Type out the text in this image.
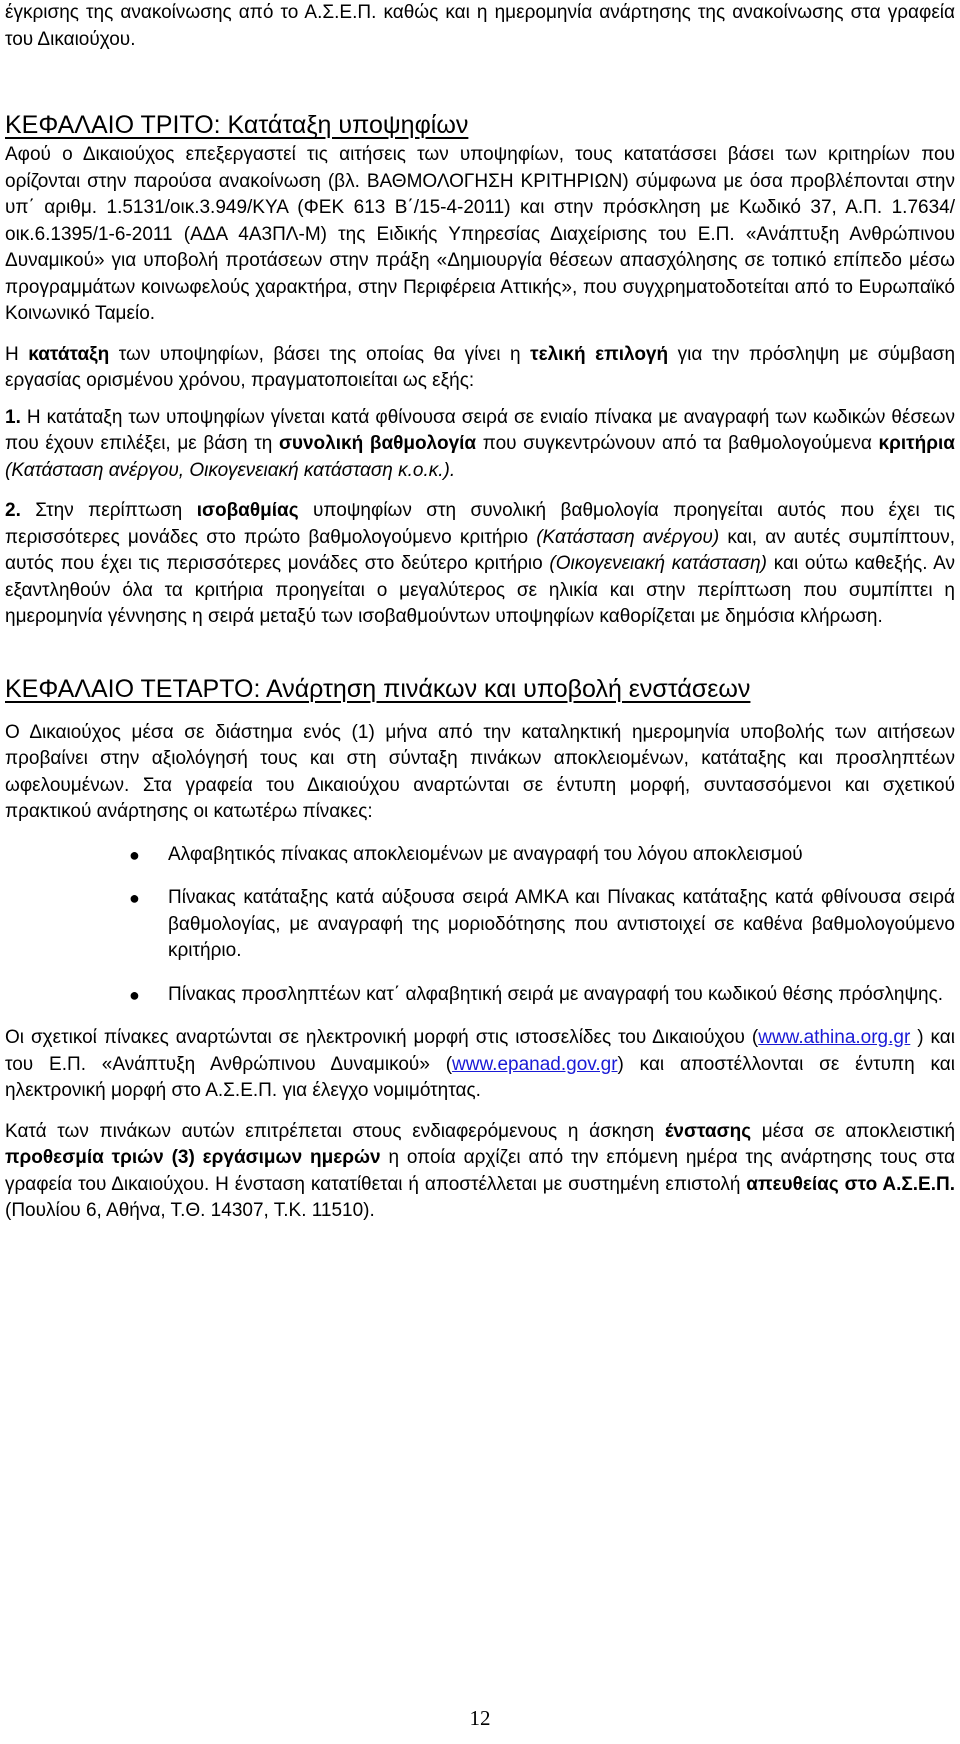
έγκρισης της ανακοίνωσης από το Α.Σ.Ε.Π. καθώς και η ημερομηνία ανάρτησης της ανακοίνωσης στα γραφεία του Δικαιούχου.

ΚΕΦΑΛΑΙΟ ΤΡΙΤΟ: Κατάταξη υποψηφίων

Αφού ο Δικαιούχος επεξεργαστεί τις αιτήσεις των υποψηφίων, τους κατατάσσει βάσει των κριτηρίων που ορίζονται στην παρούσα ανακοίνωση (βλ. ΒΑΘΜΟΛΟΓΗΣΗ ΚΡΙΤΗΡΙΩΝ) σύμφωνα με όσα προβλέπονται στην υπ΄ αριθμ. 1.5131/οικ.3.949/ΚΥΑ (ΦΕΚ 613 Β΄/15-4-2011) και στην πρόσκληση με Κωδικό 37, Α.Π. 1.7634/οικ.6.1395/1-6-2011 (ΑΔΑ 4Α3ΠΛ-Μ) της Ειδικής Υπηρεσίας Διαχείρισης του Ε.Π. «Ανάπτυξη Ανθρώπινου Δυναμικού» για υποβολή προτάσεων στην πράξη «Δημιουργία θέσεων απασχόλησης σε τοπικό επίπεδο μέσω προγραμμάτων κοινωφελούς χαρακτήρα, στην Περιφέρεια Αττικής», που συγχρηματοδοτείται από το Ευρωπαϊκό Κοινωνικό Ταμείο.

Η κατάταξη των υποψηφίων, βάσει της οποίας θα γίνει η τελική επιλογή για την πρόσληψη με σύμβαση εργασίας ορισμένου χρόνου, πραγματοποιείται ως εξής:

1. Η κατάταξη των υποψηφίων γίνεται κατά φθίνουσα σειρά σε ενιαίο πίνακα με αναγραφή των κωδικών θέσεων που έχουν επιλέξει, με βάση τη συνολική βαθμολογία που συγκεντρώνουν από τα βαθμολογούμενα κριτήρια (Κατάσταση ανέργου, Οικογενειακή κατάσταση κ.ο.κ.).

2. Στην περίπτωση ισοβαθμίας υποψηφίων στη συνολική βαθμολογία προηγείται αυτός που έχει τις περισσότερες μονάδες στο πρώτο βαθμολογούμενο κριτήριο (Κατάσταση ανέργου) και, αν αυτές συμπίπτουν, αυτός που έχει τις περισσότερες μονάδες στο δεύτερο κριτήριο (Οικογενειακή κατάσταση) και ούτω καθεξής. Αν εξαντληθούν όλα τα κριτήρια προηγείται ο μεγαλύτερος σε ηλικία και στην περίπτωση που συμπίπτει η ημερομηνία γέννησης η σειρά μεταξύ των ισοβαθμούντων υποψηφίων καθορίζεται με δημόσια κλήρωση.

ΚΕΦΑΛΑΙΟ ΤΕΤΑΡΤΟ: Ανάρτηση πινάκων και υποβολή ενστάσεων

Ο Δικαιούχος μέσα σε διάστημα ενός (1) μήνα από την καταληκτική ημερομηνία υποβολής των αιτήσεων προβαίνει στην αξιολόγησή τους και στη σύνταξη πινάκων αποκλειομένων, κατάταξης και προσληπτέων ωφελουμένων. Στα γραφεία του Δικαιούχου αναρτώνται σε έντυπη μορφή, συντασσόμενοι και σχετικού πρακτικού ανάρτησης οι κατωτέρω πίνακες:

● Αλφαβητικός πίνακας αποκλειομένων με αναγραφή του λόγου αποκλεισμού
● Πίνακας κατάταξης κατά αύξουσα σειρά ΑΜΚΑ και Πίνακας κατάταξης κατά φθίνουσα σειρά βαθμολογίας, με αναγραφή της μοριοδότησης που αντιστοιχεί σε καθένα βαθμολογούμενο κριτήριο.
● Πίνακας προσληπτέων κατ΄ αλφαβητική σειρά με αναγραφή του κωδικού θέσης πρόσληψης.

Οι σχετικοί πίνακες αναρτώνται σε ηλεκτρονική μορφή στις ιστοσελίδες του Δικαιούχου (www.athina.org.gr ) και του Ε.Π. «Ανάπτυξη Ανθρώπινου Δυναμικού» (www.epanad.gov.gr) και αποστέλλονται σε έντυπη και ηλεκτρονική μορφή στο Α.Σ.Ε.Π. για έλεγχο νομιμότητας.

Κατά των πινάκων αυτών επιτρέπεται στους ενδιαφερόμενους η άσκηση ένστασης μέσα σε αποκλειστική προθεσμία τριών (3) εργάσιμων ημερών η οποία αρχίζει από την επόμενη ημέρα της ανάρτησης τους στα γραφεία του Δικαιούχου. Η ένσταση κατατίθεται ή αποστέλλεται με συστημένη επιστολή απευθείας στο Α.Σ.Ε.Π. (Πουλίου 6, Αθήνα, Τ.Θ. 14307, Τ.Κ. 11510).

12
